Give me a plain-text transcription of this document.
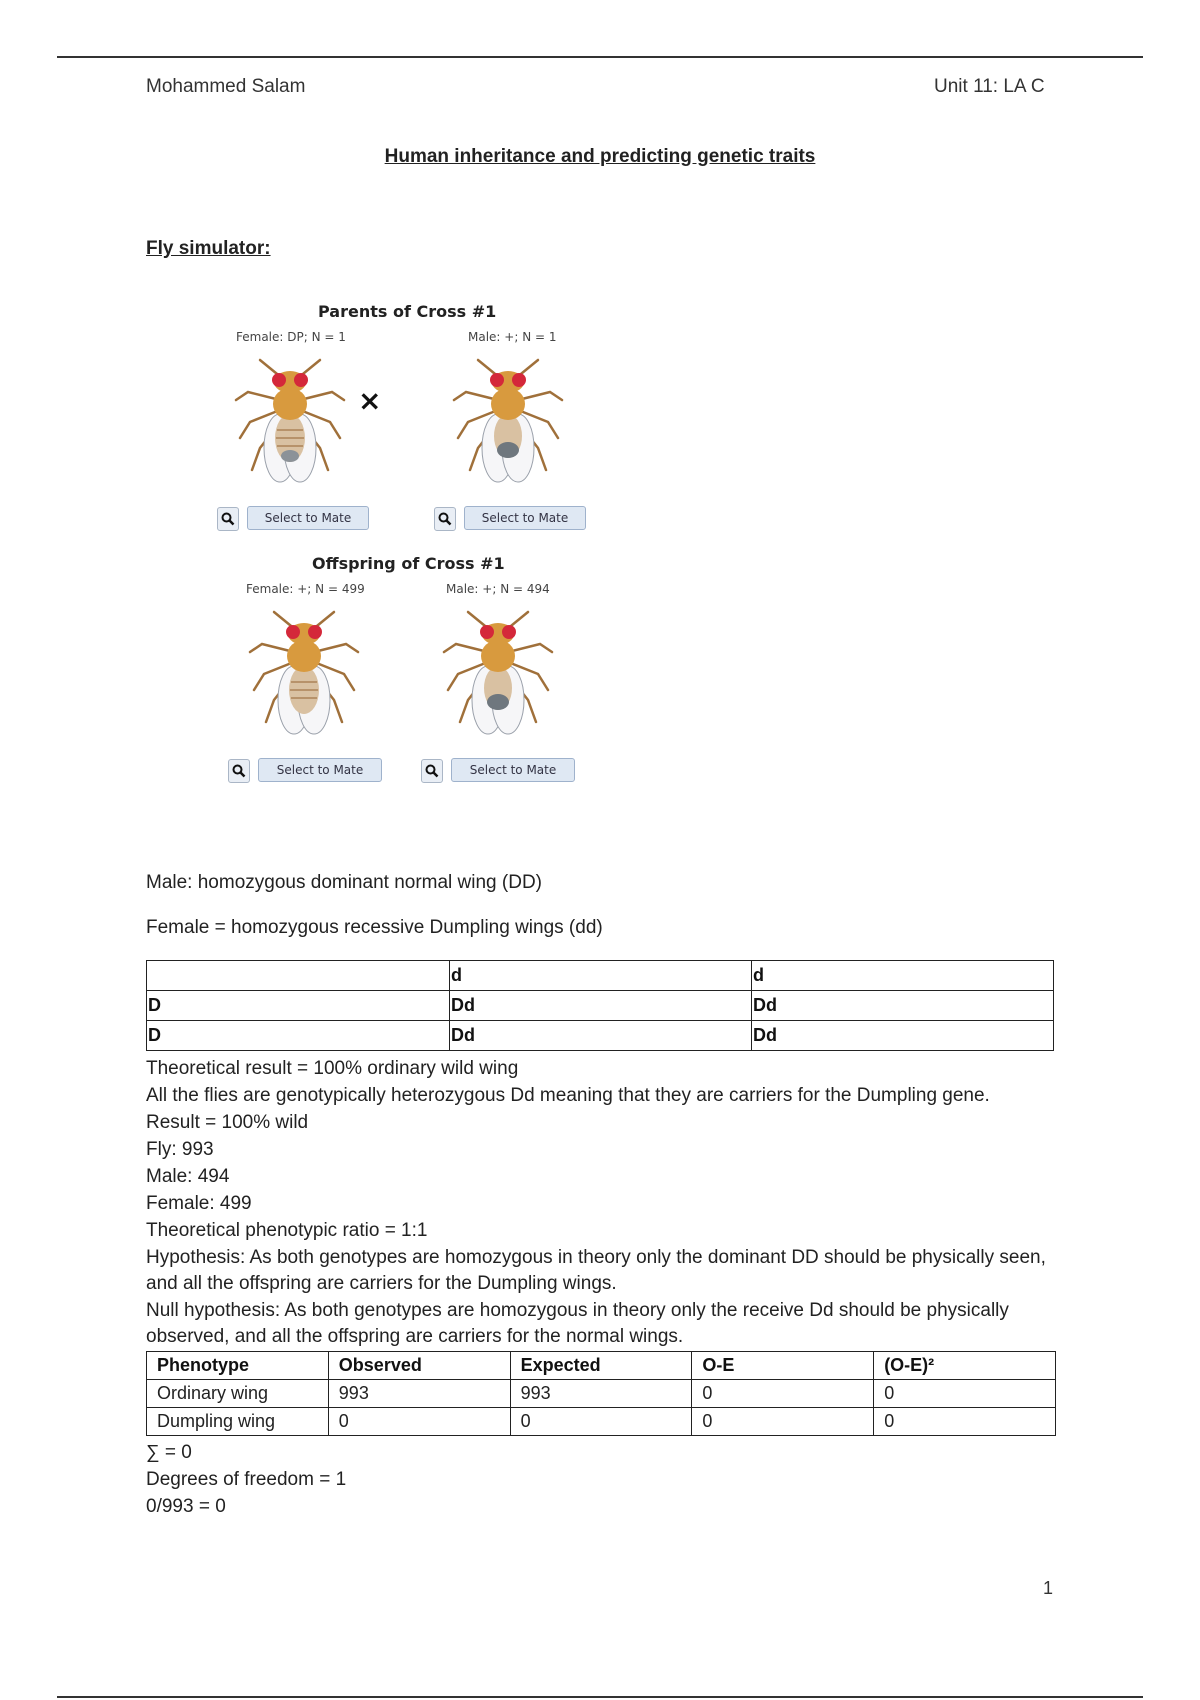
Mohammed Salam	Unit 11: LA C
Human inheritance and predicting genetic traits
Fly simulator:
Parents of Cross #1
Female: DP; N = 1	Male: +; N = 1
×
Select to Mate	Select to Mate
Offspring of Cross #1
Female: +; N = 499	Male: +; N = 494
Select to Mate	Select to Mate
Male: homozygous dominant normal wing (DD)
Female = homozygous recessive Dumpling wings (dd)
	d	d
D	Dd	Dd
D	Dd	Dd
Theoretical result = 100% ordinary wild wing
All the flies are genotypically heterozygous Dd meaning that they are carriers for the Dumpling gene.
Result = 100% wild
Fly: 993
Male: 494
Female: 499
Theoretical phenotypic ratio = 1:1
Hypothesis: As both genotypes are homozygous in theory only the dominant DD should be physically seen, and all the offspring are carriers for the Dumpling wings.
Null hypothesis: As both genotypes are homozygous in theory only the receive Dd should be physically observed, and all the offspring are carriers for the normal wings.
Phenotype	Observed	Expected	O-E	(O-E)²
Ordinary wing	993	993	0	0
Dumpling wing	0	0	0	0
∑ = 0
Degrees of freedom = 1
0/993 = 0
1
